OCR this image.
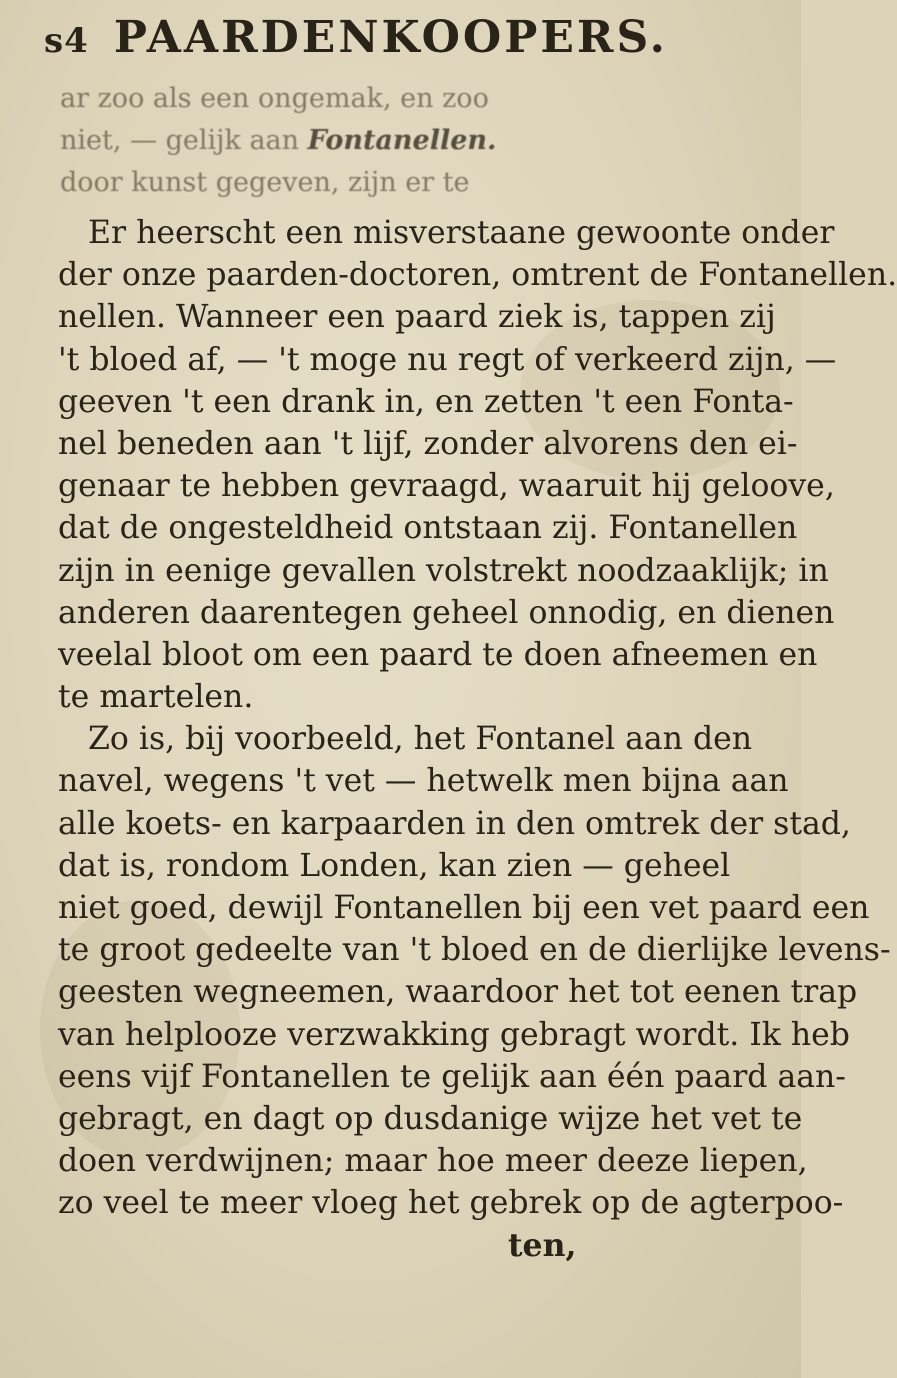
s4 PAARDENKOOPERS.
ar zoo als een ongemak, en zoo
niet, — gelijk aan Fontanellen.
door kunst gegeven, zijn er te
Er heerscht een misverstaane gewoonte onder
der onze paarden-doctoren, omtrent de Fontanellen.
nellen. Wanneer een paard ziek is, tappen zij
't bloed af, — 't moge nu regt of verkeerd zijn, —
geeven 't een drank in, en zetten 't een Fonta-
nel beneden aan 't lijf, zonder alvorens den ei-
genaar te hebben gevraagd, waaruit hij geloove,
dat de ongesteldheid ontstaan zij. Fontanellen
zijn in eenige gevallen volstrekt noodzaaklijk; in
anderen daarentegen geheel onnodig, en dienen
veelal bloot om een paard te doen afneemen en
te martelen.
Zo is, bij voorbeeld, het Fontanel aan den
navel, wegens 't vet — hetwelk men bijna aan
alle koets- en karpaarden in den omtrek der stad,
dat is, rondom Londen, kan zien — geheel
niet goed, dewijl Fontanellen bij een vet paard een
te groot gedeelte van 't bloed en de dierlijke levens-
geesten wegneemen, waardoor het tot eenen trap
van helplooze verzwakking gebragt wordt. Ik heb
eens vijf Fontanellen te gelijk aan één paard aan-
gebragt, en dagt op dusdanige wijze het vet te
doen verdwijnen; maar hoe meer deeze liepen,
zo veel te meer vloeg het gebrek op de agterpoo-
ten,
